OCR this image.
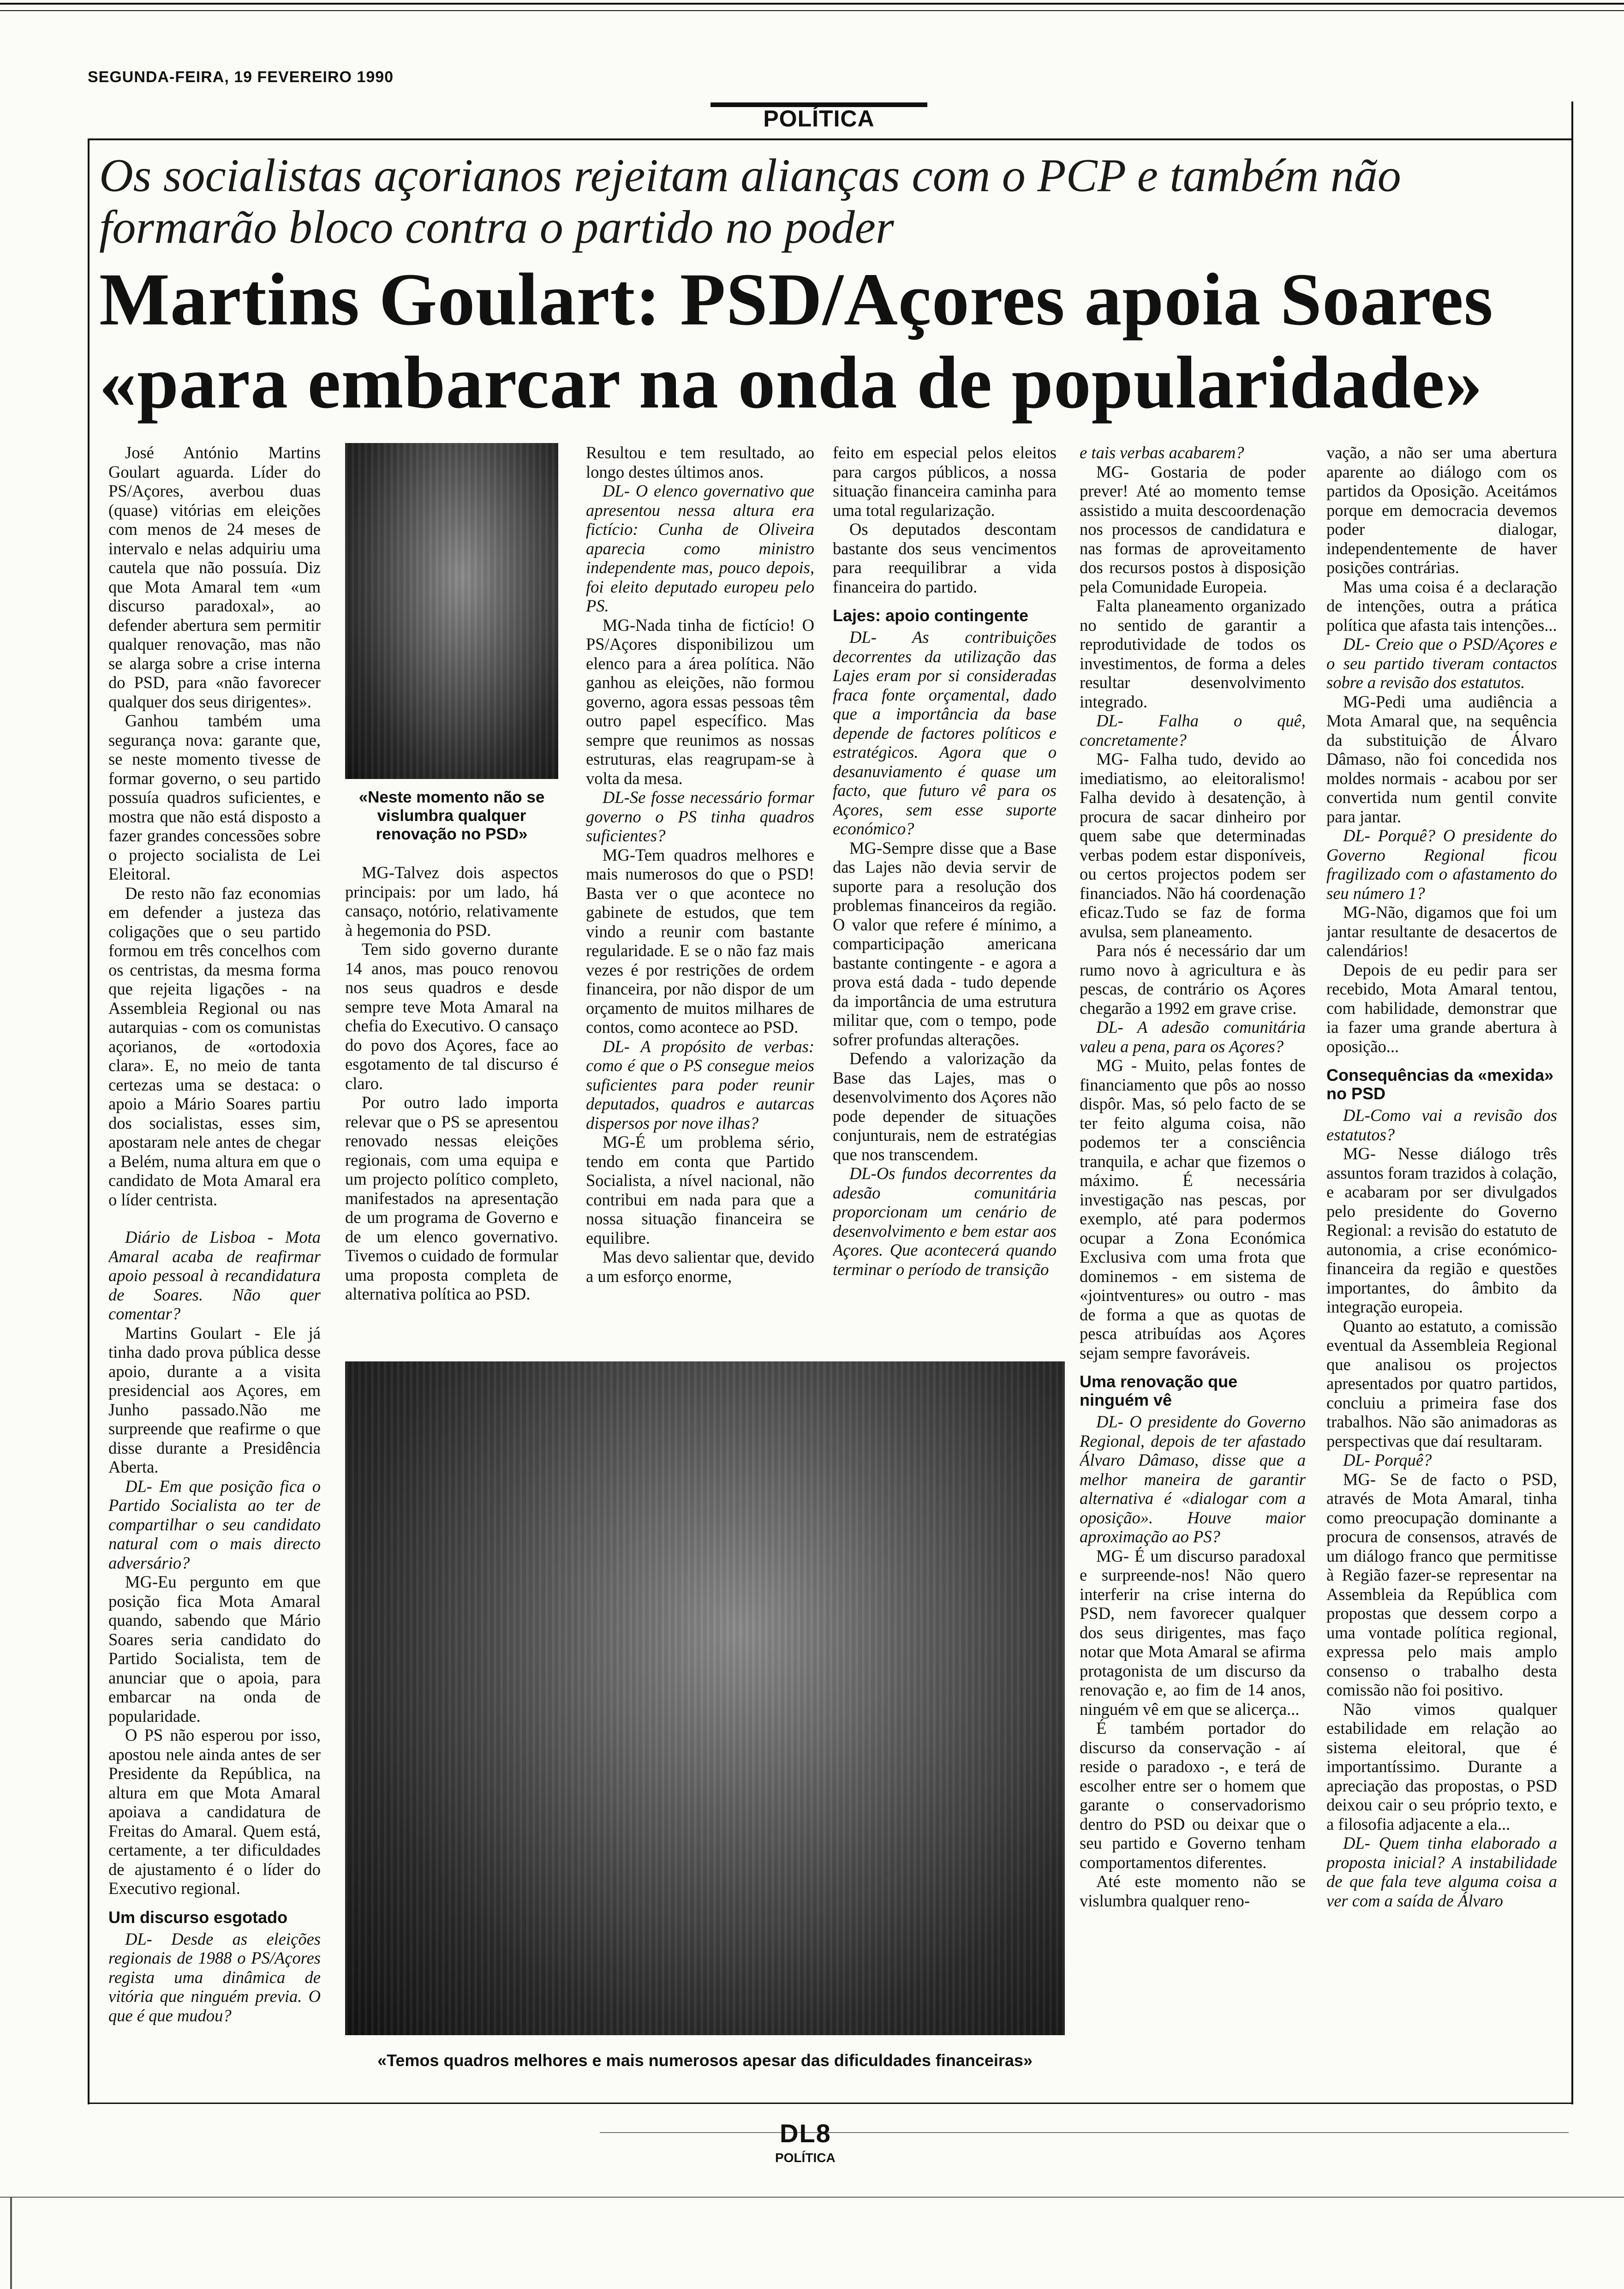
SEGUNDA-FEIRA, 19 FEVEREIRO 1990
POLÍTICA
Os socialistas açorianos rejeitam alianças com o PCP e também não formarão bloco contra o partido no poder
Martins Goulart: PSD/Açores apoia Soares
«para embarcar na onda de popularidade»

José António Martins Goulart aguarda. Líder do PS/Açores, averbou duas (quase) vitórias em eleições com menos de 24 meses de intervalo e nelas adquiriu uma cautela que não possuía. Diz que Mota Amaral tem «um discurso paradoxal», ao defender abertura sem permitir qualquer renovação, mas não se alarga sobre a crise interna do PSD, para «não favorecer qualquer dos seus dirigentes».

Ganhou também uma segurança nova: garante que, se neste momento tivesse de formar governo, o seu partido possuía quadros suficientes, e mostra que não está disposto a fazer grandes concessões sobre o projecto socialista de Lei Eleitoral.

De resto não faz economias em defender a justeza das coligações que o seu partido formou em três concelhos com os centristas, da mesma forma que rejeita ligações - na Assembleia Regional ou nas autarquias - com os comunistas açorianos, de «ortodoxia clara». E, no meio de tanta certezas uma se destaca: o apoio a Mário Soares partiu dos socialistas, esses sim, apostaram nele antes de chegar a Belém, numa altura em que o candidato de Mota Amaral era o líder centrista.

Diário de Lisboa - Mota Amaral acaba de reafirmar apoio pessoal à recandidatura de Soares. Não quer comentar?

Martins Goulart - Ele já tinha dado prova pública desse apoio, durante a a visita presidencial aos Açores, em Junho passado.Não me surpreende que reafirme o que disse durante a Presidência Aberta.

DL- Em que posição fica o Partido Socialista ao ter de compartilhar o seu candidato natural com o mais directo adversário?

MG-Eu pergunto em que posição fica Mota Amaral quando, sabendo que Mário Soares seria candidato do Partido Socialista, tem de anunciar que o apoia, para embarcar na onda de popularidade.

O PS não esperou por isso, apostou nele ainda antes de ser Presidente da República, na altura em que Mota Amaral apoiava a candidatura de Freitas do Amaral. Quem está, certamente, a ter dificuldades de ajustamento é o líder do Executivo regional.

Um discurso esgotado

DL- Desde as eleições regionais de 1988 o PS/Açores regista uma dinâmica de vitória que ninguém previa. O que é que mudou?

«Neste momento não se vislumbra qualquer renovação no PSD»

MG-Talvez dois aspectos principais: por um lado, há cansaço, notório, relativamente à hegemonia do PSD.

Tem sido governo durante 14 anos, mas pouco renovou nos seus quadros e desde sempre teve Mota Amaral na chefia do Executivo. O cansaço do povo dos Açores, face ao esgotamento de tal discurso é claro.

Por outro lado importa relevar que o PS se apresentou renovado nessas eleições regionais, com uma equipa e um projecto político completo, manifestados na apresentação de um programa de Governo e de um elenco governativo. Tivemos o cuidado de formular uma proposta completa de alternativa política ao PSD.

Resultou e tem resultado, ao longo destes últimos anos.

DL- O elenco governativo que apresentou nessa altura era fictício: Cunha de Oliveira aparecia como ministro independente mas, pouco depois, foi eleito deputado europeu pelo PS.

MG-Nada tinha de fictício! O PS/Açores disponibilizou um elenco para a área política. Não ganhou as eleições, não formou governo, agora essas pessoas têm outro papel específico. Mas sempre que reunimos as nossas estruturas, elas reagrupam-se à volta da mesa.

DL-Se fosse necessário formar governo o PS tinha quadros suficientes?

MG-Tem quadros melhores e mais numerosos do que o PSD! Basta ver o que acontece no gabinete de estudos, que tem vindo a reunir com bastante regularidade. E se o não faz mais vezes é por restrições de ordem financeira, por não dispor de um orçamento de muitos milhares de contos, como acontece ao PSD.

DL- A propósito de verbas: como é que o PS consegue meios suficientes para poder reunir deputados, quadros e autarcas dispersos por nove ilhas?

MG-É um problema sério, tendo em conta que Partido Socialista, a nível nacional, não contribui em nada para que a nossa situação financeira se equilibre.

Mas devo salientar que, devido a um esforço enorme,

feito em especial pelos eleitos para cargos públicos, a nossa situação financeira caminha para uma total regularização.

Os deputados descontam bastante dos seus vencimentos para reequilibrar a vida financeira do partido.

Lajes: apoio contingente

DL- As contribuições decorrentes da utilização das Lajes eram por si consideradas fraca fonte orçamental, dado que a importância da base depende de factores políticos e estratégicos. Agora que o desanuviamento é quase um facto, que futuro vê para os Açores, sem esse suporte económico?

MG-Sempre disse que a Base das Lajes não devia servir de suporte para a resolução dos problemas financeiros da região. O valor que refere é mínimo, a comparticipação americana bastante contingente - e agora a prova está dada - tudo depende da importância de uma estrutura militar que, com o tempo, pode sofrer profundas alterações.

Defendo a valorização da Base das Lajes, mas o desenvolvimento dos Açores não pode depender de situações conjunturais, nem de estratégias que nos transcendem.

DL-Os fundos decorrentes da adesão comunitária proporcionam um cenário de desenvolvimento e bem estar aos Açores. Que acontecerá quando terminar o período de transição

«Temos quadros melhores e mais numerosos apesar das dificuldades financeiras»

e tais verbas acabarem?

MG- Gostaria de poder prever! Até ao momento temse assistido a muita descoordenação nos processos de candidatura e nas formas de aproveitamento dos recursos postos à disposição pela Comunidade Europeia.

Falta planeamento organizado no sentido de garantir a reprodutividade de todos os investimentos, de forma a deles resultar desenvolvimento integrado.

DL- Falha o quê, concretamente?

MG- Falha tudo, devido ao imediatismo, ao eleitoralismo! Falha devido à desatenção, à procura de sacar dinheiro por quem sabe que determinadas verbas podem estar disponíveis, ou certos projectos podem ser financiados. Não há coordenação eficaz.Tudo se faz de forma avulsa, sem planeamento.

Para nós é necessário dar um rumo novo à agricultura e às pescas, de contrário os Açores chegarão a 1992 em grave crise.

DL- A adesão comunitária valeu a pena, para os Açores?

MG - Muito, pelas fontes de financiamento que pôs ao nosso dispôr. Mas, só pelo facto de se ter feito alguma coisa, não podemos ter a consciência tranquila, e achar que fizemos o máximo. É necessária investigação nas pescas, por exemplo, até para podermos ocupar a Zona Económica Exclusiva com uma frota que dominemos - em sistema de «jointventures» ou outro - mas de forma a que as quotas de pesca atribuídas aos Açores sejam sempre favoráveis.

Uma renovação que ninguém vê

DL- O presidente do Governo Regional, depois de ter afastado Álvaro Dâmaso, disse que a melhor maneira de garantir alternativa é «dialogar com a oposição». Houve maior aproximação ao PS?

MG- É um discurso paradoxal e surpreende-nos! Não quero interferir na crise interna do PSD, nem favorecer qualquer dos seus dirigentes, mas faço notar que Mota Amaral se afirma protagonista de um discurso da renovação e, ao fim de 14 anos, ninguém vê em que se alicerça...

É também portador do discurso da conservação - aí reside o paradoxo -, e terá de escolher entre ser o homem que garante o conservadorismo dentro do PSD ou deixar que o seu partido e Governo tenham comportamentos diferentes.

Até este momento não se vislumbra qualquer reno-

vação, a não ser uma abertura aparente ao diálogo com os partidos da Oposição. Aceitámos porque em democracia devemos poder dialogar, independentemente de haver posições contrárias.

Mas uma coisa é a declaração de intenções, outra a prática política que afasta tais intenções...

DL- Creio que o PSD/Açores e o seu partido tiveram contactos sobre a revisão dos estatutos.

MG-Pedi uma audiência a Mota Amaral que, na sequência da substituição de Álvaro Dâmaso, não foi concedida nos moldes normais - acabou por ser convertida num gentil convite para jantar.

DL- Porquê? O presidente do Governo Regional ficou fragilizado com o afastamento do seu número 1?

MG-Não, digamos que foi um jantar resultante de desacertos de calendários!

Depois de eu pedir para ser recebido, Mota Amaral tentou, com habilidade, demonstrar que ia fazer uma grande abertura à oposição...

Consequências da «mexida» no PSD

DL-Como vai a revisão dos estatutos?

MG- Nesse diálogo três assuntos foram trazidos à colação, e acabaram por ser divulgados pelo presidente do Governo Regional: a revisão do estatuto de autonomia, a crise económico-financeira da região e questões importantes, do âmbito da integração europeia.

Quanto ao estatuto, a comissão eventual da Assembleia Regional que analisou os projectos apresentados por quatro partidos, concluiu a primeira fase dos trabalhos. Não são animadoras as perspectivas que daí resultaram.

DL- Porquê?

MG- Se de facto o PSD, através de Mota Amaral, tinha como preocupação dominante a procura de consensos, através de um diálogo franco que permitisse à Região fazer-se representar na Assembleia da República com propostas que dessem corpo a uma vontade política regional, expressa pelo mais amplo consenso o trabalho desta comissão não foi positivo.

Não vimos qualquer estabilidade em relação ao sistema eleitoral, que é importantíssimo. Durante a apreciação das propostas, o PSD deixou cair o seu próprio texto, e a filosofia adjacente a ela...

DL- Quem tinha elaborado a proposta inicial? A instabilidade de que fala teve alguma coisa a ver com a saída de Álvaro

DL8
POLÍTICA
